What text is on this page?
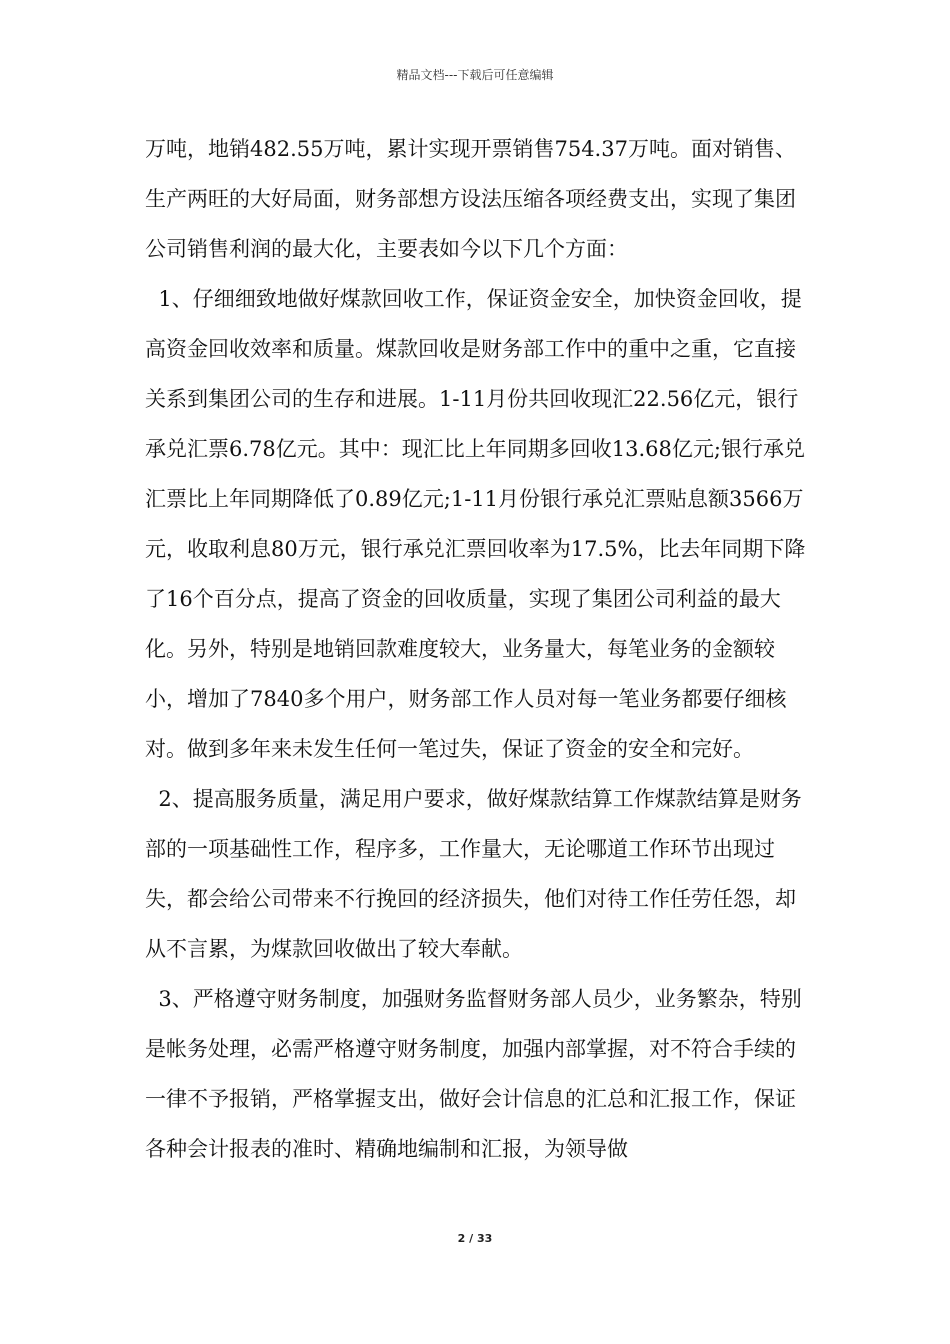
精品文档---下载后可任意编辑

万吨，地销482.55万吨，累计实现开票销售754.37万吨。面对销售、生产两旺的大好局面，财务部想方设法压缩各项经费支出，实现了集团公司销售利润的最大化，主要表如今以下几个方面：

1、仔细细致地做好煤款回收工作，保证资金安全，加快资金回收，提高资金回收效率和质量。煤款回收是财务部工作中的重中之重，它直接关系到集团公司的生存和进展。1-11月份共回收现汇22.56亿元，银行承兑汇票6.78亿元。其中：现汇比上年同期多回收13.68亿元;银行承兑汇票比上年同期降低了0.89亿元;1-11月份银行承兑汇票贴息额3566万元，收取利息80万元，银行承兑汇票回收率为17.5%，比去年同期下降了16个百分点，提高了资金的回收质量，实现了集团公司利益的最大化。另外，特别是地销回款难度较大，业务量大，每笔业务的金额较小，增加了7840多个用户，财务部工作人员对每一笔业务都要仔细核对。做到多年来未发生任何一笔过失，保证了资金的安全和完好。

2、提高服务质量，满足用户要求，做好煤款结算工作煤款结算是财务部的一项基础性工作，程序多，工作量大，无论哪道工作环节出现过失，都会给公司带来不行挽回的经济损失，他们对待工作任劳任怨，却从不言累，为煤款回收做出了较大奉献。

3、严格遵守财务制度，加强财务监督财务部人员少，业务繁杂，特别是帐务处理，必需严格遵守财务制度，加强内部掌握，对不符合手续的一律不予报销，严格掌握支出，做好会计信息的汇总和汇报工作，保证各种会计报表的准时、精确地编制和汇报，为领导做

2 / 33
